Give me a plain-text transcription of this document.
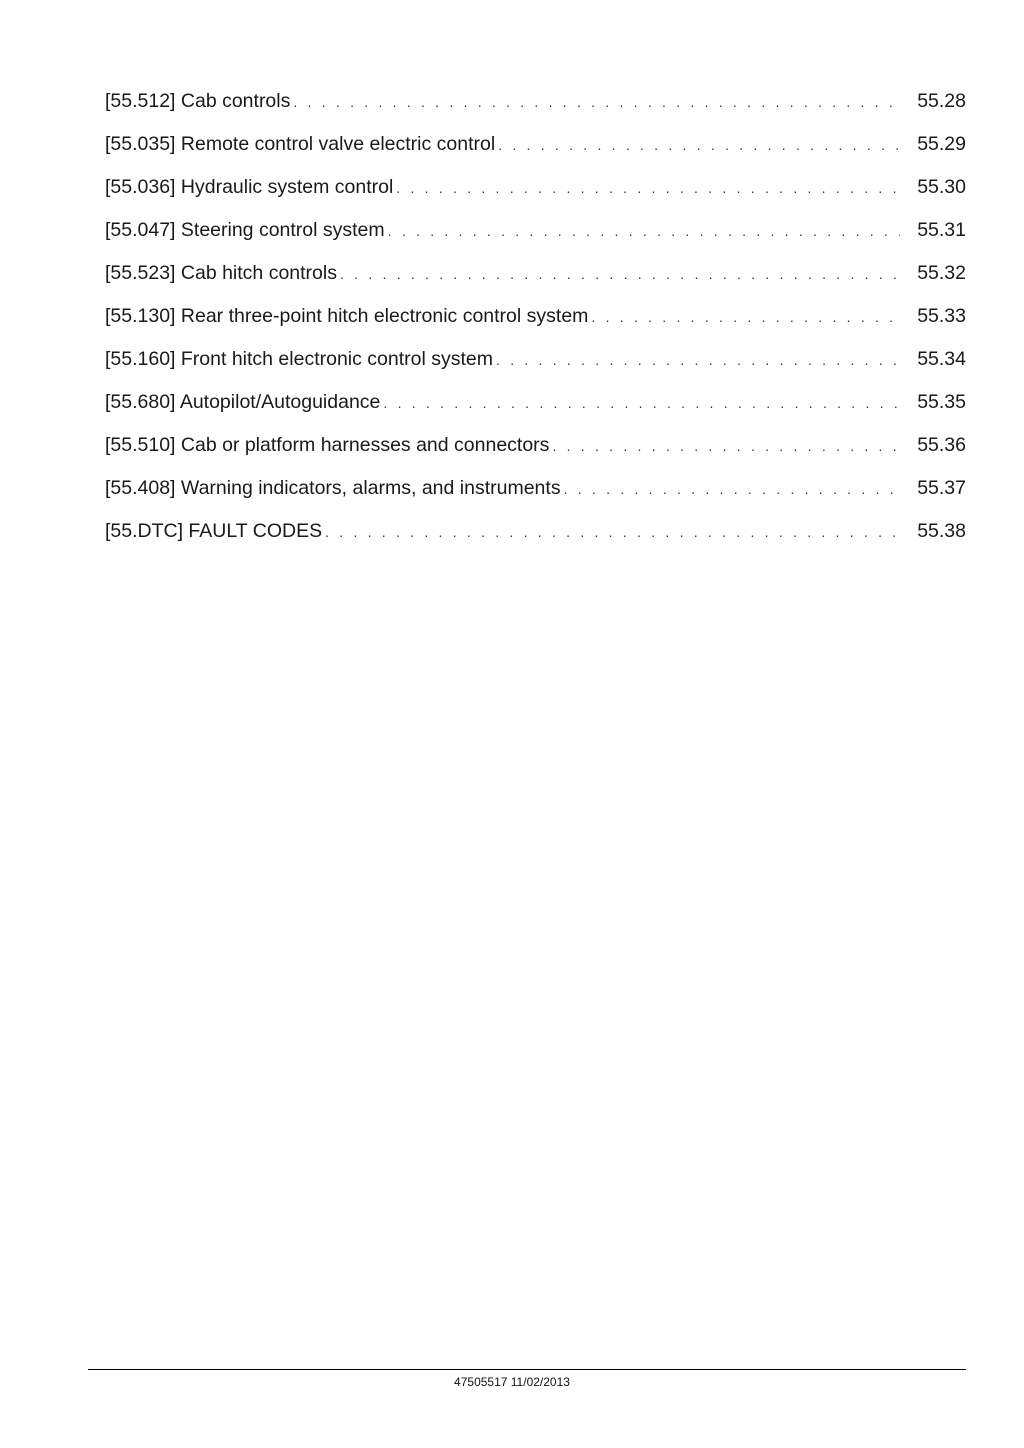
[55.512] Cab controls . . .	55.28
[55.035] Remote control valve electric control . . .	55.29
[55.036] Hydraulic system control . . .	55.30
[55.047] Steering control system . . .	55.31
[55.523] Cab hitch controls . . .	55.32
[55.130] Rear three-point hitch electronic control system . . .	55.33
[55.160] Front hitch electronic control system . . .	55.34
[55.680] Autopilot/Autoguidance . . .	55.35
[55.510] Cab or platform harnesses and connectors . . .	55.36
[55.408] Warning indicators, alarms, and instruments . . .	55.37
[55.DTC] FAULT CODES . . .	55.38
47505517 11/02/2013
